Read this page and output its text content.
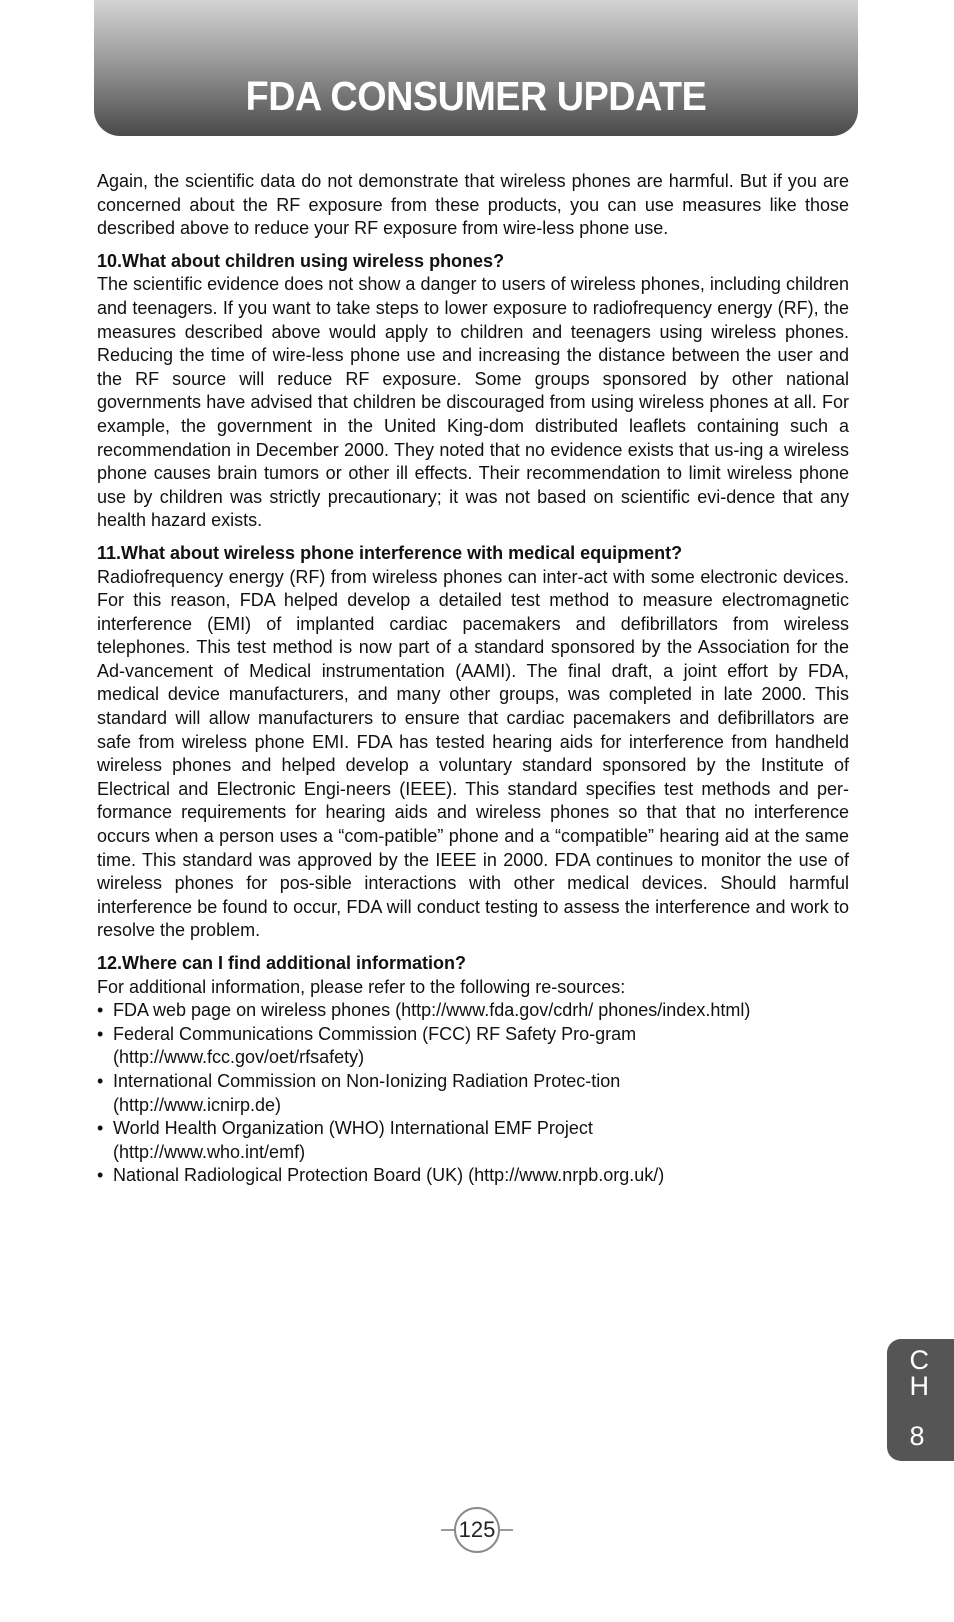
FDA CONSUMER UPDATE

Again, the scientific data do not demonstrate that wireless phones are harmful. But if you are concerned about the RF exposure from these products, you can use measures like those described above to reduce your RF exposure from wire-less phone use.

10.What about children using wireless phones?

The scientific evidence does not show a danger to users of wireless phones, including children and teenagers. If you want to take steps to lower exposure to radiofrequency energy (RF), the measures described above would apply to children and teenagers using wireless phones. Reducing the time of wire-less phone use and increasing the distance between the user and the RF source will reduce RF exposure. Some groups sponsored by other national governments have advised that children be discouraged from using wireless phones at all. For example, the government in the United King-dom distributed leaflets containing such a recommendation in December 2000. They noted that no evidence exists that us-ing a wireless phone causes brain tumors or other ill effects. Their recommendation to limit wireless phone use by children was strictly precautionary; it was not based on scientific evi-dence that any health hazard exists.

11.What about wireless phone interference with medical equipment?

Radiofrequency energy (RF) from wireless phones can inter-act with some electronic devices. For this reason, FDA helped develop a detailed test method to measure electromagnetic interference (EMI) of implanted cardiac pacemakers and defibrillators from wireless telephones. This test method is now part of a standard sponsored by the Association for the Ad-vancement of Medical instrumentation (AAMI). The final draft, a joint effort by FDA, medical device manufacturers, and many other groups, was completed in late 2000. This standard will allow manufacturers to ensure that cardiac pacemakers and defibrillators are safe from wireless phone EMI. FDA has tested hearing aids for interference from handheld wireless phones and helped develop a voluntary standard sponsored by the Institute of Electrical and Electronic Engi-neers (IEEE). This standard specifies test methods and per-formance requirements for hearing aids and wireless phones so that that no interference occurs when a person uses a “com-patible” phone and a “compatible” hearing aid at the same time. This standard was approved by the IEEE in 2000. FDA continues to monitor the use of wireless phones for pos-sible interactions with other medical devices. Should harmful interference be found to occur, FDA will conduct testing to assess the interference and work to resolve the problem.

12.Where can I find additional information?

For additional information, please refer to the following re-sources:

• FDA web page on wireless phones (http://www.fda.gov/cdrh/ phones/index.html)
• Federal Communications Commission (FCC) RF Safety Pro-gram
(http://www.fcc.gov/oet/rfsafety)
• International Commission on Non-Ionizing Radiation Protec-tion
(http://www.icnirp.de)
• World Health Organization (WHO) International EMF Project
(http://www.who.int/emf)
• National Radiological Protection Board (UK) (http://www.nrpb.org.uk/)
CH
8
125
